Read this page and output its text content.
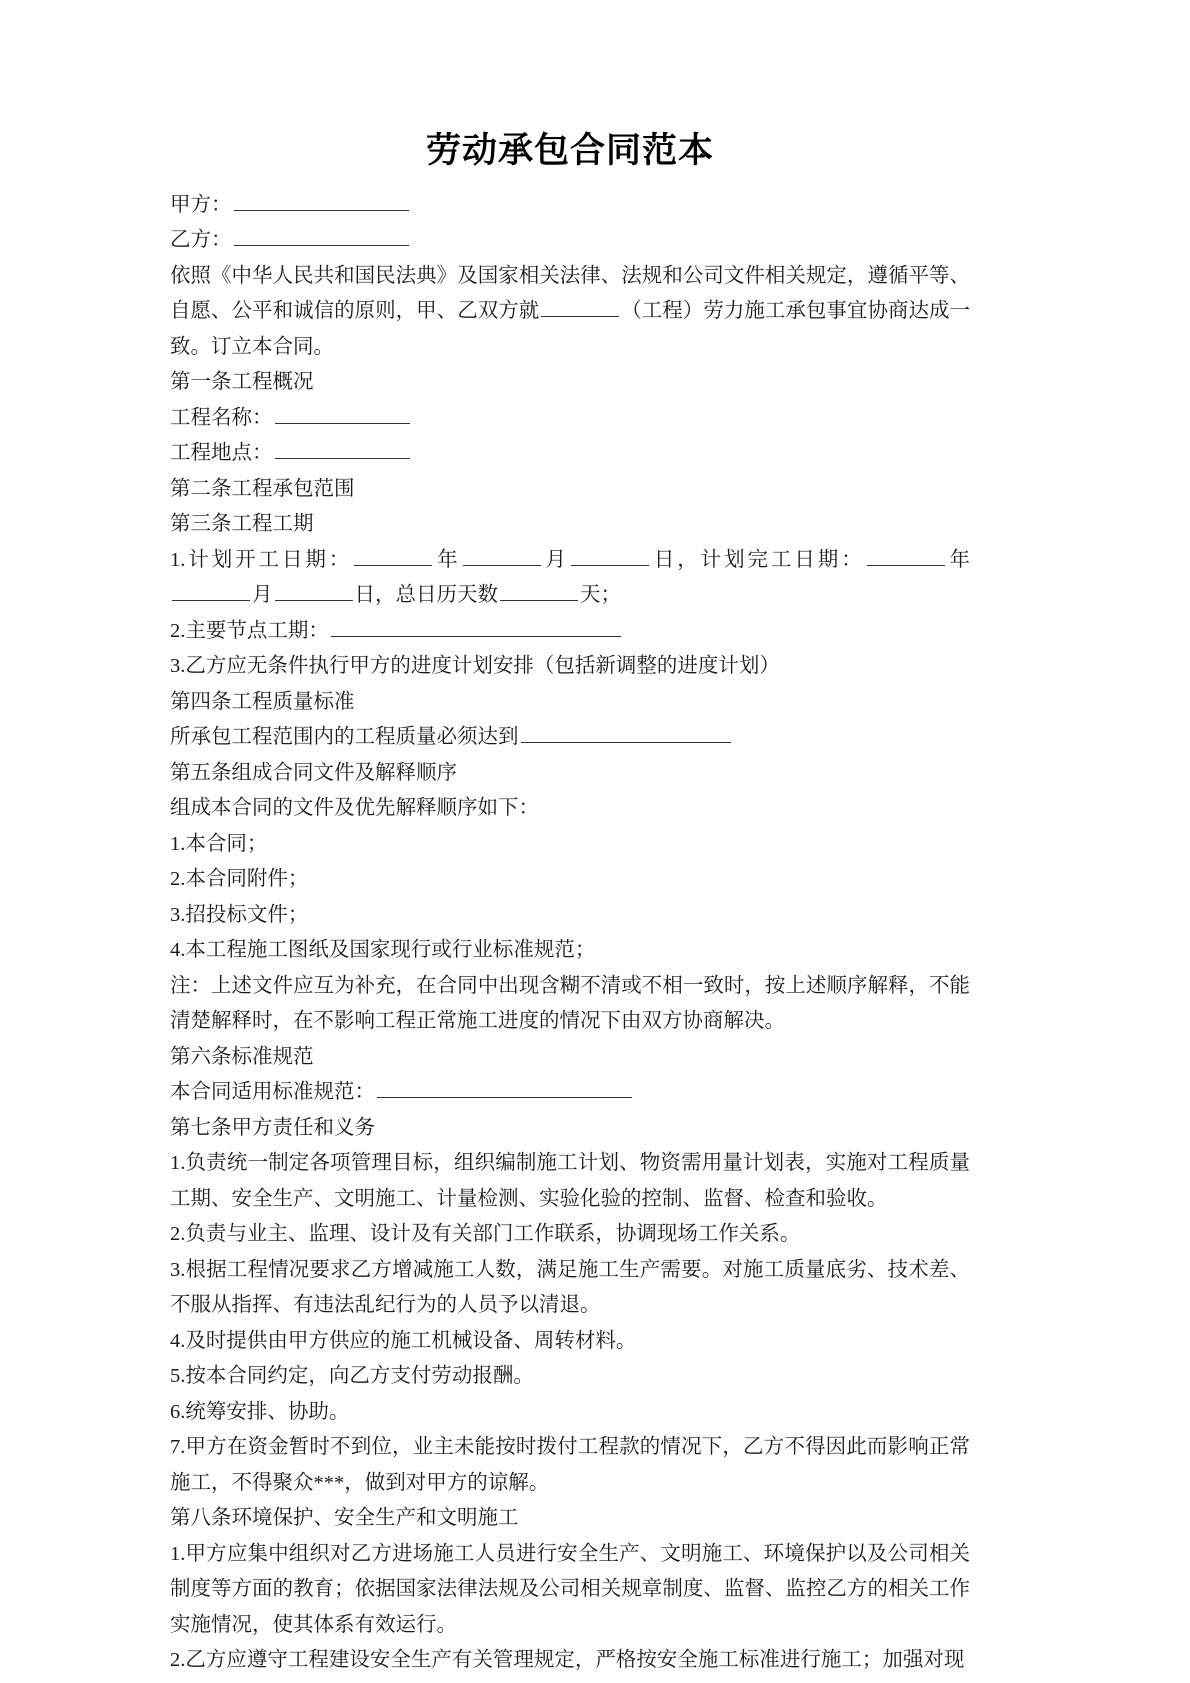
劳动承包合同范本
甲方：
乙方：
依照《中华人民共和国民法典》及国家相关法律、法规和公司文件相关规定，遵循平等、自愿、公平和诚信的原则，甲、乙双方就	（工程）劳力施工承包事宜协商达成一致。订立本合同。
第一条工程概况
工程名称：
工程地点：
第二条工程承包范围
第三条工程工期
1.计划开工日期：	年	月	日，计划完工日期：	年月	日，总日历天数	天；
2.主要节点工期：
3.乙方应无条件执行甲方的进度计划安排（包括新调整的进度计划）
第四条工程质量标准
所承包工程范围内的工程质量必须达到
第五条组成合同文件及解释顺序
组成本合同的文件及优先解释顺序如下：
1.本合同；
2.本合同附件；
3.招投标文件；
4.本工程施工图纸及国家现行或行业标准规范；
注：上述文件应互为补充，在合同中出现含糊不清或不相一致时，按上述顺序解释，不能清楚解释时，在不影响工程正常施工进度的情况下由双方协商解决。
第六条标准规范
本合同适用标准规范：
第七条甲方责任和义务
1.负责统一制定各项管理目标，组织编制施工计划、物资需用量计划表，实施对工程质量工期、安全生产、文明施工、计量检测、实验化验的控制、监督、检查和验收。
2.负责与业主、监理、设计及有关部门工作联系，协调现场工作关系。
3.根据工程情况要求乙方增减施工人数，满足施工生产需要。对施工质量底劣、技术差、不服从指挥、有违法乱纪行为的人员予以清退。
4.及时提供由甲方供应的施工机械设备、周转材料。
5.按本合同约定，向乙方支付劳动报酬。
6.统筹安排、协助。
7.甲方在资金暂时不到位，业主未能按时拨付工程款的情况下，乙方不得因此而影响正常施工，不得聚众***，做到对甲方的谅解。
第八条环境保护、安全生产和文明施工
1.甲方应集中组织对乙方进场施工人员进行安全生产、文明施工、环境保护以及公司相关制度等方面的教育；依据国家法律法规及公司相关规章制度、监督、监控乙方的相关工作实施情况，使其体系有效运行。
2.乙方应遵守工程建设安全生产有关管理规定，严格按安全施工标准进行施工；加强对现
